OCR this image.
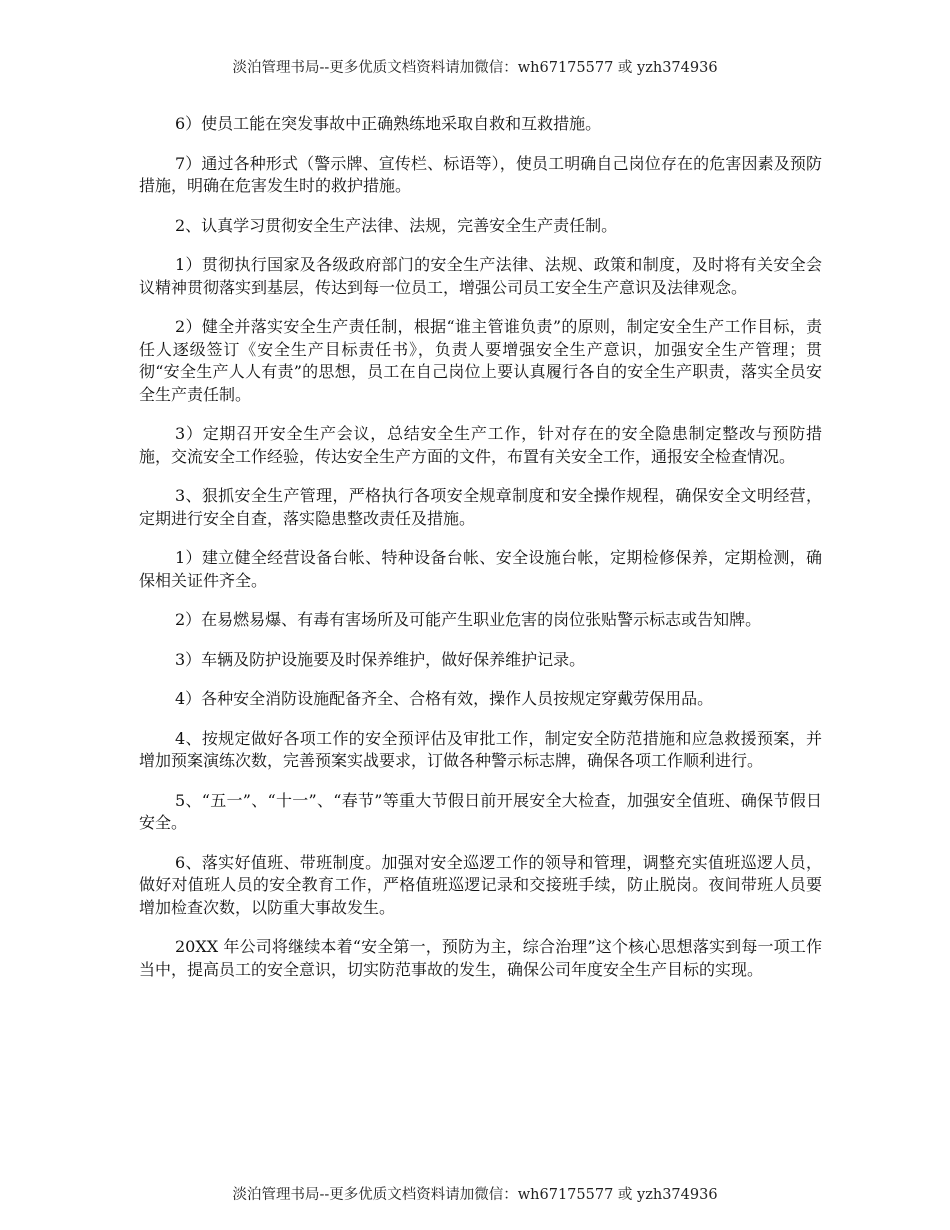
淡泊管理书局--更多优质文档资料请加微信：wh67175577 或 yzh374936

6）使员工能在突发事故中正确熟练地采取自救和互救措施。

7）通过各种形式（警示牌、宣传栏、标语等），使员工明确自己岗位存在的危害因素及预防措施，明确在危害发生时的救护措施。

2、认真学习贯彻安全生产法律、法规，完善安全生产责任制。

1）贯彻执行国家及各级政府部门的安全生产法律、法规、政策和制度，及时将有关安全会议精神贯彻落实到基层，传达到每一位员工，增强公司员工安全生产意识及法律观念。

2）健全并落实安全生产责任制，根据“谁主管谁负责”的原则，制定安全生产工作目标，责任人逐级签订《安全生产目标责任书》，负责人要增强安全生产意识，加强安全生产管理；贯彻“安全生产人人有责”的思想，员工在自己岗位上要认真履行各自的安全生产职责，落实全员安全生产责任制。

3）定期召开安全生产会议，总结安全生产工作，针对存在的安全隐患制定整改与预防措施，交流安全工作经验，传达安全生产方面的文件，布置有关安全工作，通报安全检查情况。

3、狠抓安全生产管理，严格执行各项安全规章制度和安全操作规程，确保安全文明经营，定期进行安全自查，落实隐患整改责任及措施。

1）建立健全经营设备台帐、特种设备台帐、安全设施台帐，定期检修保养，定期检测，确保相关证件齐全。

2）在易燃易爆、有毒有害场所及可能产生职业危害的岗位张贴警示标志或告知牌。

3）车辆及防护设施要及时保养维护，做好保养维护记录。

4）各种安全消防设施配备齐全、合格有效，操作人员按规定穿戴劳保用品。

4、按规定做好各项工作的安全预评估及审批工作，制定安全防范措施和应急救援预案，并增加预案演练次数，完善预案实战要求，订做各种警示标志牌，确保各项工作顺利进行。

5、“五一”、“十一”、“春节”等重大节假日前开展安全大检查，加强安全值班、确保节假日安全。

6、落实好值班、带班制度。加强对安全巡逻工作的领导和管理，调整充实值班巡逻人员，做好对值班人员的安全教育工作，严格值班巡逻记录和交接班手续，防止脱岗。夜间带班人员要增加检查次数，以防重大事故发生。

20XX 年公司将继续本着“安全第一，预防为主，综合治理”这个核心思想落实到每一项工作当中，提高员工的安全意识，切实防范事故的发生，确保公司年度安全生产目标的实现。

淡泊管理书局--更多优质文档资料请加微信：wh67175577 或 yzh374936
